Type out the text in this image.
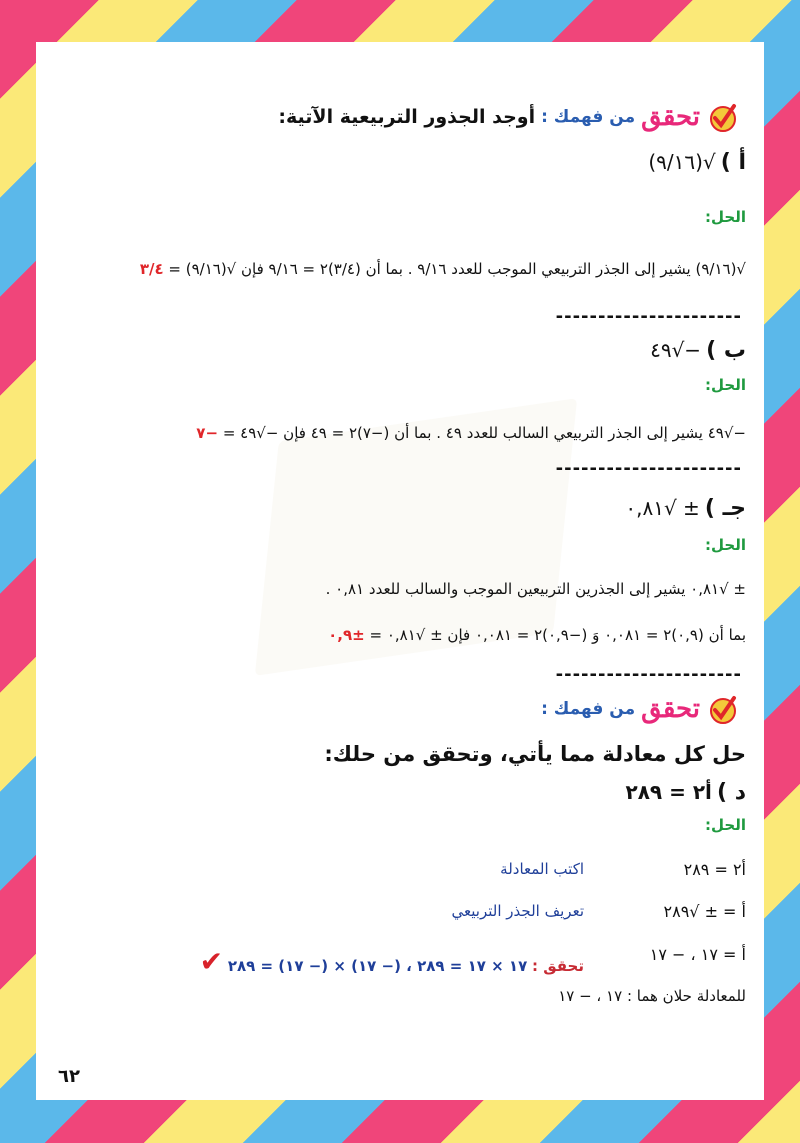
تحقق
من فهمك :
أوجد الجذور التربيعية الآتية:
أ ) √(٩/١٦)
الحل:
√(٩/١٦) يشير إلى الجذر التربيعي الموجب للعدد ٩/١٦ . بما أن (٣/٤)٢ = ٩/١٦ فإن √(٩/١٦) = ٣/٤
----------------------
ب ) −√٤٩
الحل:
−√٤٩ يشير إلى الجذر التربيعي السالب للعدد ٤٩ . بما أن (−٧)٢ = ٤٩ فإن −√٤٩ = −٧
----------------------
جـ ) ± √٠,٨١
الحل:
± √٠,٨١ يشير إلى الجذرين التربيعين الموجب والسالب للعدد ٠,٨١ .
بما أن (٠,٩)٢ = ٠,٠٨١ وَ (−٠,٩)٢ = ٠,٠٨١ فإن ± √٠,٨١ = ±٠,٩
----------------------
تحقق
من فهمك :
حل كل معادلة مما يأتي، وتحقق من حلك:
د ) أ٢ = ٢٨٩
الحل:
أ٢ = ٢٨٩
اكتب المعادلة
أ = ± √٢٨٩
تعريف الجذر التربيعي
أ = ١٧ ، − ١٧
تحقق : ١٧ × ١٧ = ٢٨٩ ، (− ١٧) × (− ١٧) = ٢٨٩ ✔
للمعادلة حلان هما : ١٧ ، − ١٧
٦٢
